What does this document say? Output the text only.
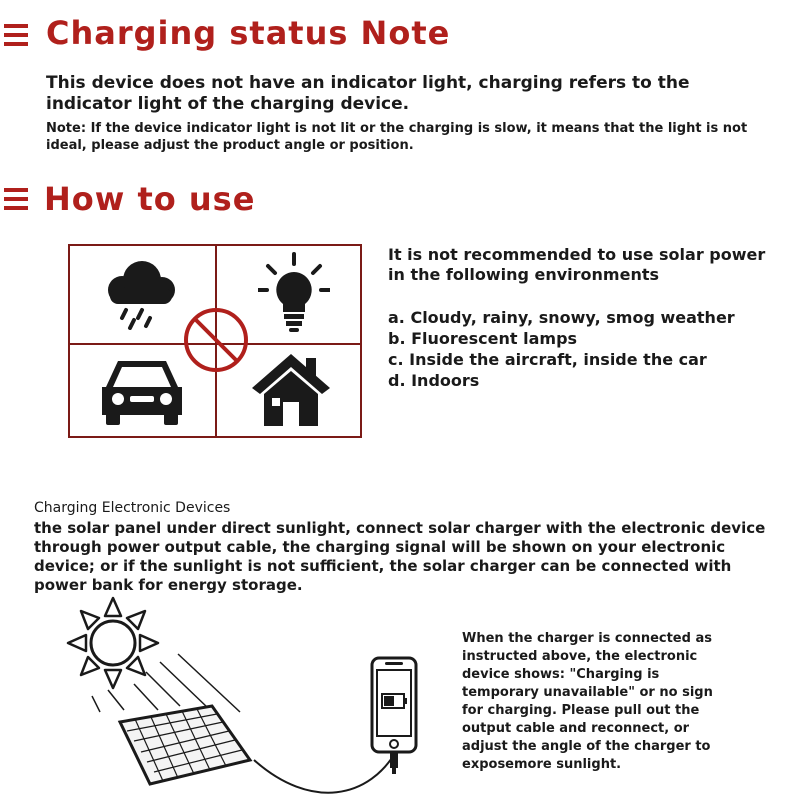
Charging status Note
This device does not have an indicator light, charging refers to the indicator light of the charging device.
Note: If the device indicator light is not lit or the charging is slow, it means that the light is not ideal, please adjust the product angle or position.
How to use
It is not recommended to use solar power
in the following environments
a. Cloudy, rainy, snowy, smog weather
b. Fluorescent lamps
c. Inside the aircraft, inside the car
d. Indoors
Charging Electronic Devices
the solar panel under direct sunlight, connect solar charger with the electronic device through power output cable, the charging signal will be shown on your electronic device; or if the sunlight is not sufficient, the solar charger can be connected with power bank for energy storage.
When the charger is connected as instructed above, the electronic device shows: "Charging is temporary unavailable" or no sign for charging. Please pull out the output cable and reconnect, or adjust the angle of the charger to exposemore sunlight.
